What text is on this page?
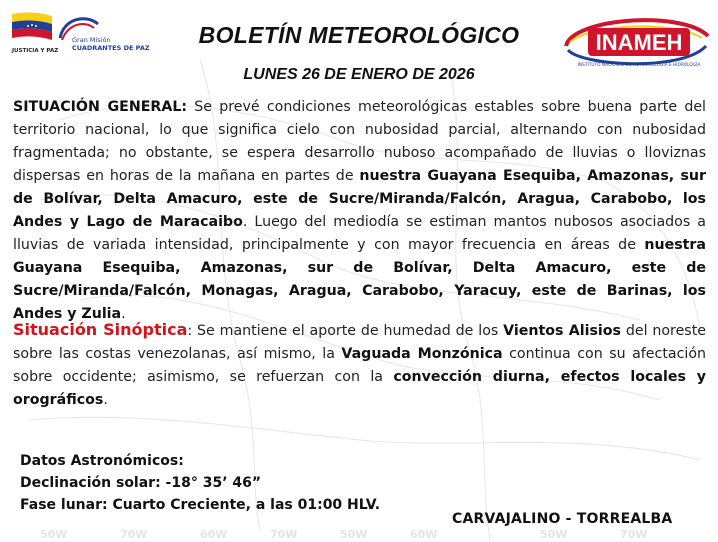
50W	70W	60W	70W	50W	60W	50W	70W
JUSTICIA Y PAZ
Gran Misión
CUADRANTES DE PAZ	BOLETÍN METEOROLÓGICO
LUNES 26 DE ENERO DE 2026
INAMEH
INSTITUTO NACIONAL DE METEOROLOGÍA E HIDROLOGÍA
SITUACIÓN GENERAL: Se prevé condiciones meteorológicas estables sobre buena parte del territorio nacional, lo que significa cielo con nubosidad parcial, alternando con nubosidad fragmentada; no obstante, se espera desarrollo nuboso acompañado de lluvias o lloviznas dispersas en horas de la mañana en partes de nuestra Guayana Esequiba, Amazonas, sur de Bolívar, Delta Amacuro, este de Sucre/Miranda/Falcón, Aragua, Carabobo, los Andes y Lago de Maracaibo. Luego del mediodía se estiman mantos nubosos asociados a lluvias de variada intensidad, principalmente y con mayor frecuencia en áreas de nuestra Guayana Esequiba, Amazonas, sur de Bolívar, Delta Amacuro, este de Sucre/Miranda/Falcón, Monagas, Aragua, Carabobo, Yaracuy, este de Barinas, los Andes y Zulia.
Situación Sinóptica: Se mantiene el aporte de humedad de los Vientos Alisios del noreste sobre las costas venezolanas, así mismo, la Vaguada Monzónica continua con su afectación sobre occidente; asimismo, se refuerzan con la convección diurna, efectos locales y orográficos.
Datos Astronómicos:
Declinación solar: -18° 35’ 46”
Fase lunar: Cuarto Creciente, a las 01:00 HLV.
CARVAJALINO - TORREALBA
